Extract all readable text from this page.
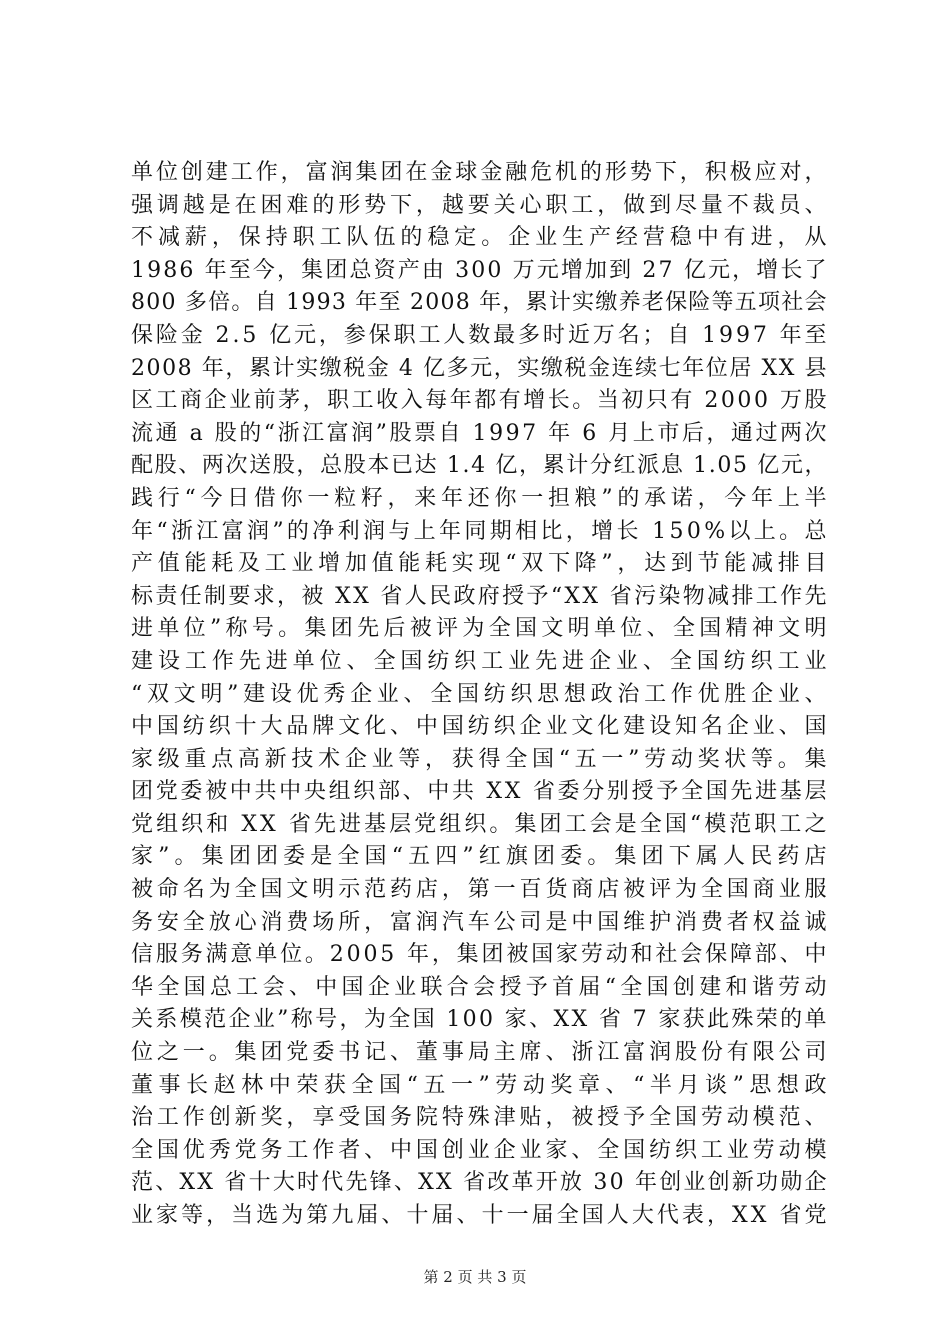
单位创建工作，富润集团在金球金融危机的形势下，积极应对，
强调越是在困难的形势下，越要关心职工，做到尽量不裁员、
不减薪，保持职工队伍的稳定。企业生产经营稳中有进，从
1986 年至今，集团总资产由 300 万元增加到 27 亿元，增长了
800 多倍。自 1993 年至 2008 年，累计实缴养老保险等五项社会
保险金 2.5 亿元，参保职工人数最多时近万名；自 1997 年至
2008 年，累计实缴税金 4 亿多元，实缴税金连续七年位居 XX 县
区工商企业前茅，职工收入每年都有增长。当初只有 2000 万股
流通 a 股的“浙江富润”股票自 1997 年 6 月上市后，通过两次
配股、两次送股，总股本已达 1.4 亿，累计分红派息 1.05 亿元，
践行“今日借你一粒籽，来年还你一担粮”的承诺，今年上半
年“浙江富润”的净利润与上年同期相比，增长 150%以上。总
产值能耗及工业增加值能耗实现“双下降”，达到节能减排目
标责任制要求，被 XX 省人民政府授予“XX 省污染物减排工作先
进单位”称号。集团先后被评为全国文明单位、全国精神文明
建设工作先进单位、全国纺织工业先进企业、全国纺织工业
“双文明”建设优秀企业、全国纺织思想政治工作优胜企业、
中国纺织十大品牌文化、中国纺织企业文化建设知名企业、国
家级重点高新技术企业等，获得全国“五一”劳动奖状等。集
团党委被中共中央组织部、中共 XX 省委分别授予全国先进基层
党组织和 XX 省先进基层党组织。集团工会是全国“模范职工之
家”。集团团委是全国“五四”红旗团委。集团下属人民药店
被命名为全国文明示范药店，第一百货商店被评为全国商业服
务安全放心消费场所，富润汽车公司是中国维护消费者权益诚
信服务满意单位。2005 年，集团被国家劳动和社会保障部、中
华全国总工会、中国企业联合会授予首届“全国创建和谐劳动
关系模范企业”称号，为全国 100 家、XX 省 7 家获此殊荣的单
位之一。集团党委书记、董事局主席、浙江富润股份有限公司
董事长赵林中荣获全国“五一”劳动奖章、“半月谈”思想政
治工作创新奖，享受国务院特殊津贴，被授予全国劳动模范、
全国优秀党务工作者、中国创业企业家、全国纺织工业劳动模
范、XX 省十大时代先锋、XX 省改革开放 30 年创业创新功勋企
业家等，当选为第九届、十届、十一届全国人大代表，XX 省党
第 2 页 共 3 页
